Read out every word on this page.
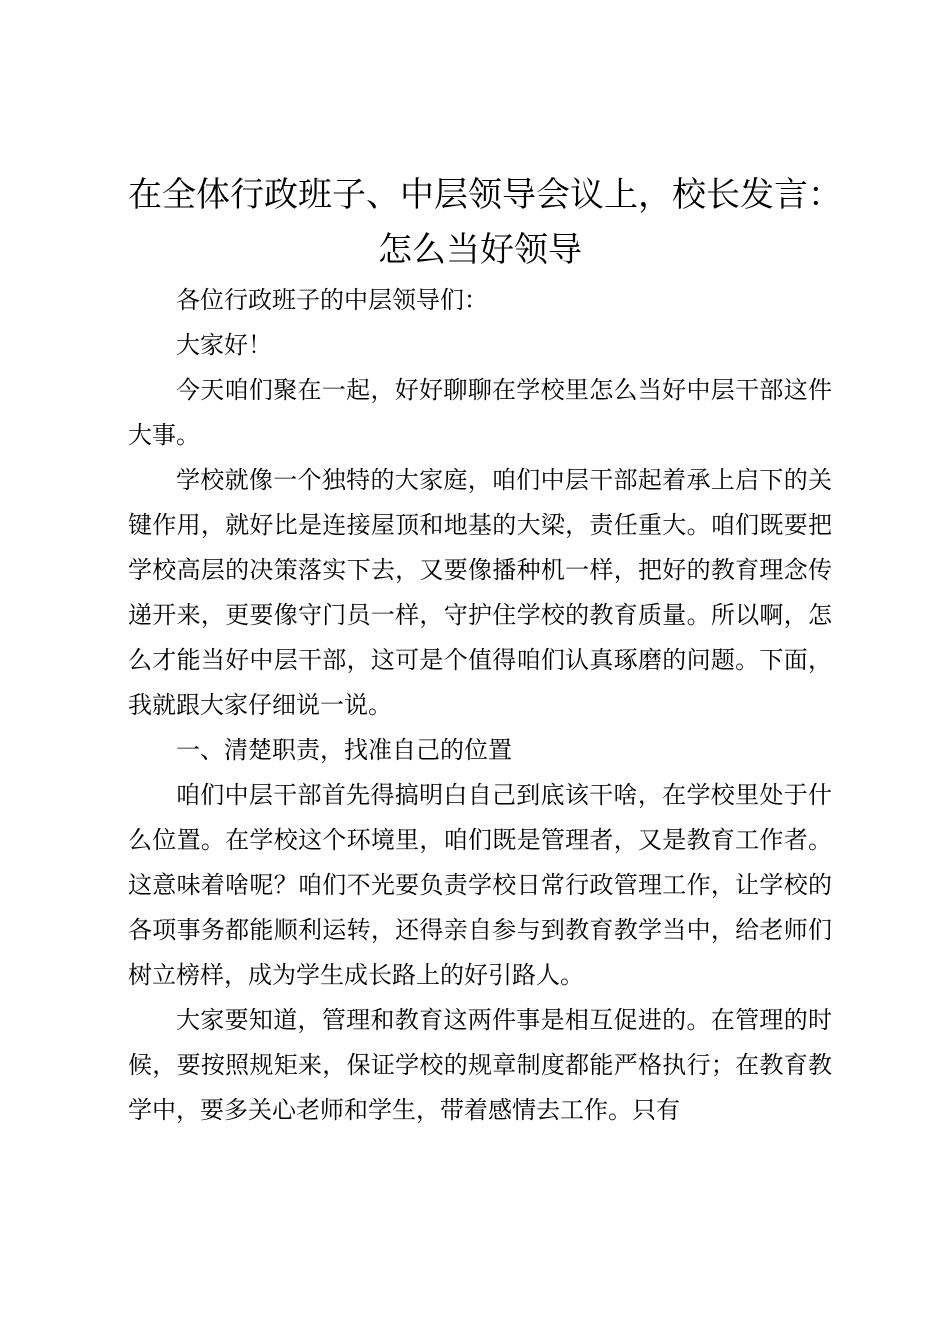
在全体行政班子、中层领导会议上，校长发言：
怎么当好领导

各位行政班子的中层领导们：

大家好！

今天咱们聚在一起，好好聊聊在学校里怎么当好中层干部这件大事。

学校就像一个独特的大家庭，咱们中层干部起着承上启下的关键作用，就好比是连接屋顶和地基的大梁，责任重大。咱们既要把学校高层的决策落实下去，又要像播种机一样，把好的教育理念传递开来，更要像守门员一样，守护住学校的教育质量。所以啊，怎么才能当好中层干部，这可是个值得咱们认真琢磨的问题。下面，我就跟大家仔细说一说。

一、清楚职责，找准自己的位置

咱们中层干部首先得搞明白自己到底该干啥，在学校里处于什么位置。在学校这个环境里，咱们既是管理者，又是教育工作者。这意味着啥呢？咱们不光要负责学校日常行政管理工作，让学校的各项事务都能顺利运转，还得亲自参与到教育教学当中，给老师们树立榜样，成为学生成长路上的好引路人。

大家要知道，管理和教育这两件事是相互促进的。在管理的时候，要按照规矩来，保证学校的规章制度都能严格执行；在教育教学中，要多关心老师和学生，带着感情去工作。只有
